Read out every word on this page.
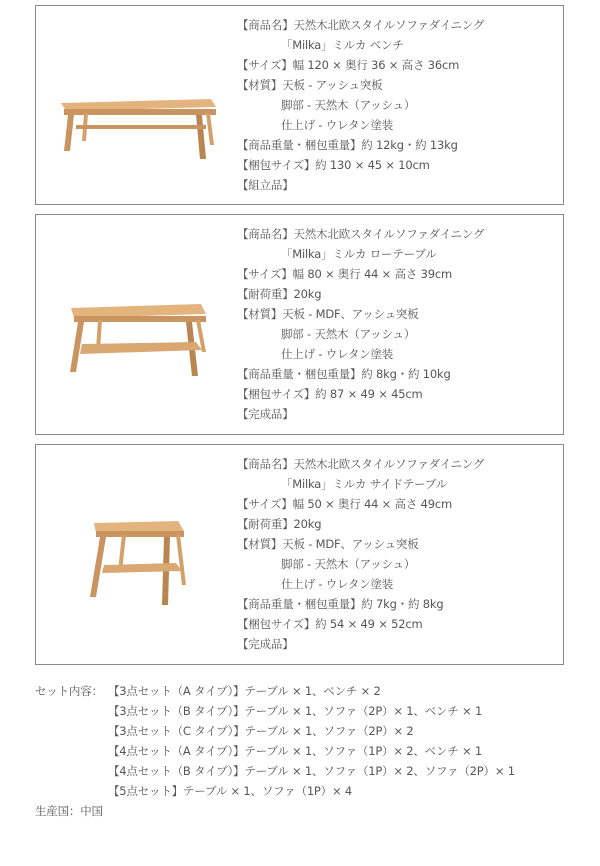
【商品名】天然木北欧スタイルソファダイニング
「Milka」ミルカ ベンチ
【サイズ】幅 120 × 奥行 36 × 高さ 36cm
【材質】天板 - アッシュ突板
脚部 - 天然木（アッシュ）
仕上げ - ウレタン塗装
【商品重量・梱包重量】約 12kg・約 13kg
【梱包サイズ】約 130 × 45 × 10cm
【組立品】
【商品名】天然木北欧スタイルソファダイニング
「Milka」ミルカ ローテーブル
【サイズ】幅 80 × 奥行 44 × 高さ 39cm
【耐荷重】20kg
【材質】天板 - MDF、アッシュ突板
脚部 - 天然木（アッシュ）
仕上げ - ウレタン塗装
【商品重量・梱包重量】約 8kg・約 10kg
【梱包サイズ】約 87 × 49 × 45cm
【完成品】
【商品名】天然木北欧スタイルソファダイニング
「Milka」ミルカ サイドテーブル
【サイズ】幅 50 × 奥行 44 × 高さ 49cm
【耐荷重】20kg
【材質】天板 - MDF、アッシュ突板
脚部 - 天然木（アッシュ）
仕上げ - ウレタン塗装
【商品重量・梱包重量】約 7kg・約 8kg
【梱包サイズ】約 54 × 49 × 52cm
【完成品】
セット内容： 【3点セット（A タイプ）】テーブル × 1、ベンチ × 2
【3点セット（B タイプ）】テーブル × 1、ソファ（2P）× 1、ベンチ × 1
【3点セット（C タイプ）】テーブル × 1、ソファ（2P）× 2
【4点セット（A タイプ）】テーブル × 1、ソファ（1P）× 2、ベンチ × 1
【4点セット（B タイプ）】テーブル × 1、ソファ（1P）× 2、ソファ（2P）× 1
【5点セット】テーブル × 1、ソファ（1P）× 4
生産国：中国
